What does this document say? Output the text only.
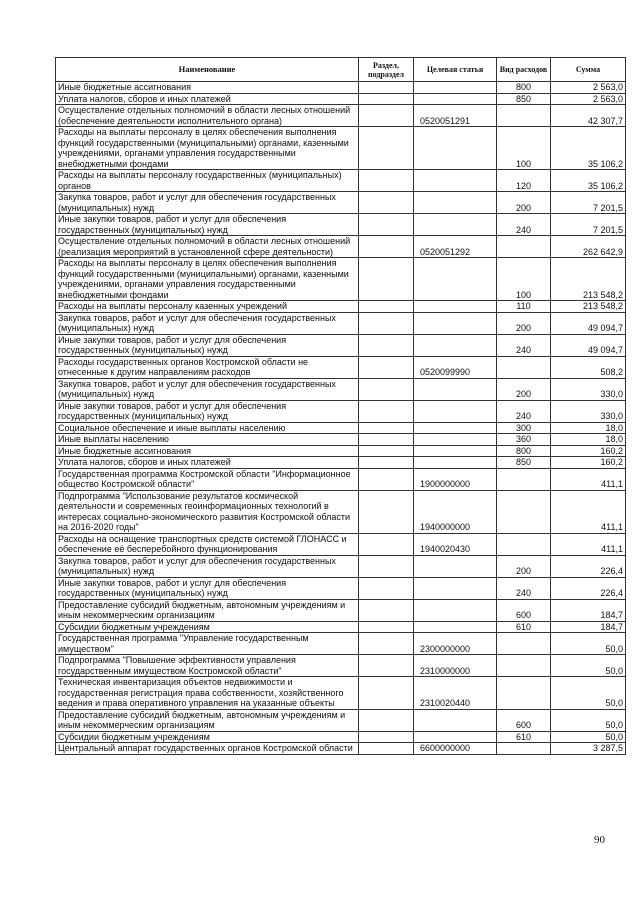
Наименование	Раздел, подраздел	Целевая статья	Вид расходов	Сумма
Иные бюджетные ассигнования			800	2 563,0
Уплата налогов, сборов и иных платежей			850	2 563,0
Осуществление отдельных полномочий в области лесных отношений (обеспечение деятельности исполнительного органа)		0520051291		42 307,7
Расходы на выплаты персоналу в целях обеспечения выполнения функций государственными (муниципальными) органами, казенными учреждениями, органами управления государственными внебюджетными фондами			100	35 106,2
Расходы на выплаты персоналу государственных (муниципальных) органов			120	35 106,2
Закупка товаров, работ и услуг для обеспечения государственных (муниципальных) нужд			200	7 201,5
Иные закупки товаров, работ и услуг для обеспечения государственных (муниципальных) нужд			240	7 201,5
Осуществление отдельных полномочий в области лесных отношений (реализация мероприятий в установленной сфере деятельности)		0520051292		262 642,9
Расходы на выплаты персоналу в целях обеспечения выполнения функций государственными (муниципальными) органами, казенными учреждениями, органами управления государственными внебюджетными фондами			100	213 548,2
Расходы на выплаты персоналу казенных учреждений			110	213 548,2
Закупка товаров, работ и услуг для обеспечения государственных (муниципальных) нужд			200	49 094,7
Иные закупки товаров, работ и услуг для обеспечения государственных (муниципальных) нужд			240	49 094,7
Расходы государственных органов Костромской области не отнесенные к другим направлениям расходов		0520099990		508,2
Закупка товаров, работ и услуг для обеспечения государственных (муниципальных) нужд			200	330,0
Иные закупки товаров, работ и услуг для обеспечения государственных (муниципальных) нужд			240	330,0
Социальное обеспечение и иные выплаты населению			300	18,0
Иные выплаты населению			360	18,0
Иные бюджетные ассигнования			800	160,2
Уплата налогов, сборов и иных платежей			850	160,2
Государственная программа Костромской области "Информационное общество Костромской области"		1900000000		411,1
Подпрограмма "Использование результатов космической деятельности и современных геоинформационных технологий в интересах социально-экономического развития Костромской области на 2016-2020 годы"		1940000000		411,1
Расходы на оснащение транспортных средств системой ГЛОНАСС и обеспечение её бесперебойного функционирования		1940020430		411,1
Закупка товаров, работ и услуг для обеспечения государственных (муниципальных) нужд			200	226,4
Иные закупки товаров, работ и услуг для обеспечения государственных (муниципальных) нужд			240	226,4
Предоставление субсидий бюджетным, автономным учреждениям и иным некоммерческим организациям			600	184,7
Субсидии бюджетным учреждениям			610	184,7
Государственная программа "Управление государственным имуществом"		2300000000		50,0
Подпрограмма "Повышение эффективности управления государственным имуществом Костромской области"		2310000000		50,0
Техническая инвентаризация объектов недвижимости и государственная регистрация права собственности, хозяйственного ведения и права оперативного управления на указанные объекты		2310020440		50,0
Предоставление субсидий бюджетным, автономным учреждениям и иным некоммерческим организациям			600	50,0
Субсидии бюджетным учреждениям			610	50,0
Центральный аппарат государственных органов Костромской области		6600000000		3 287,5
90
